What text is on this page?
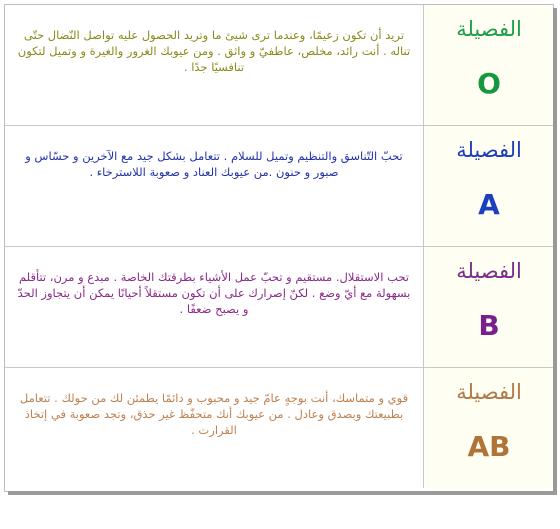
تريد أن تكون زعيمًا، وعندما ترى شيئ ما وتريد الحصول عليه تواصل النّضال حتّى تناله . أنت رائد، مخلص، عاطفيّ و واثق . ومن عيوبك الغرور والغيرة و وتميل لتكون تنافسيًا جدًا .

الفصيلة
O

تحبّ التّناسق والتنظيم وتميل للسلام . تتعامل بشكل جيد مع الآخرين و حسّاس و صبور و حنون .من عيوبك العناد و صعوبة اللاسترخاء .

الفصيلة
A

تحب الاستقلال. مستقيم و تحبّ عمل الأشياء بطرقتك الخاصة . مبدع و مرن، تتأقلم بسهولة مع أيّ وضع . لكنّ إصرارك على أن تكون مستقلاً أحيانًا يمكن أن يتجاوز الحدّ و يصبح ضعفًا .

الفصيلة
B

قوي و متماسك، أنت بوجهٍ عامّ جيد و محبوب و دائمًا يطمئن لك من حولك . تتعامل بطبيعتك وبصدق وعادل . من عيوبك أنك متحفّظ غير حذق، وتجد صعوبة في إتخاذ القرارت .

الفصيلة
AB
